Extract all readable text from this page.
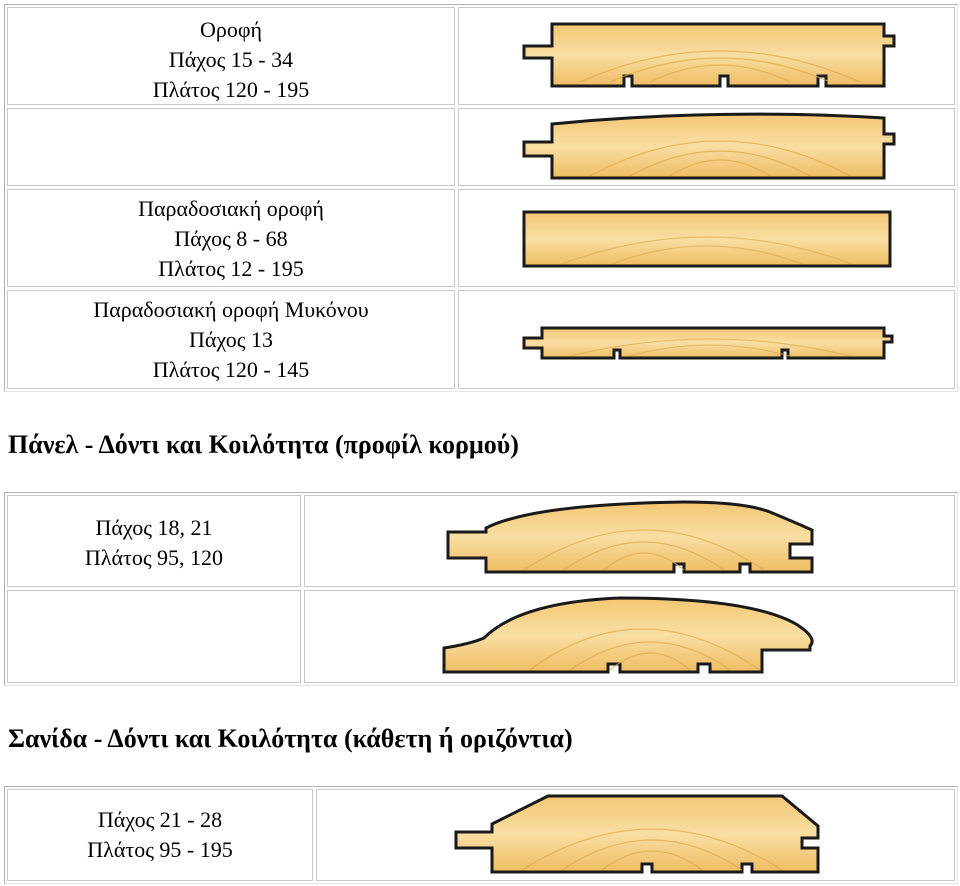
Οροφή
Πάχος 15 - 34
Πλάτος 120 - 195
Παραδοσιακή οροφή
Πάχος 8 - 68
Πλάτος 12 - 195
Παραδοσιακή οροφή Μυκόνου
Πάχος 13
Πλάτος 120 - 145
Πάνελ - Δόντι και Κοιλότητα (προφίλ κορμού)
Πάχος 18, 21
Πλάτος 95, 120
Σανίδα - Δόντι και Κοιλότητα (κάθετη ή οριζόντια)
Πάχος 21 - 28
Πλάτος 95 - 195
